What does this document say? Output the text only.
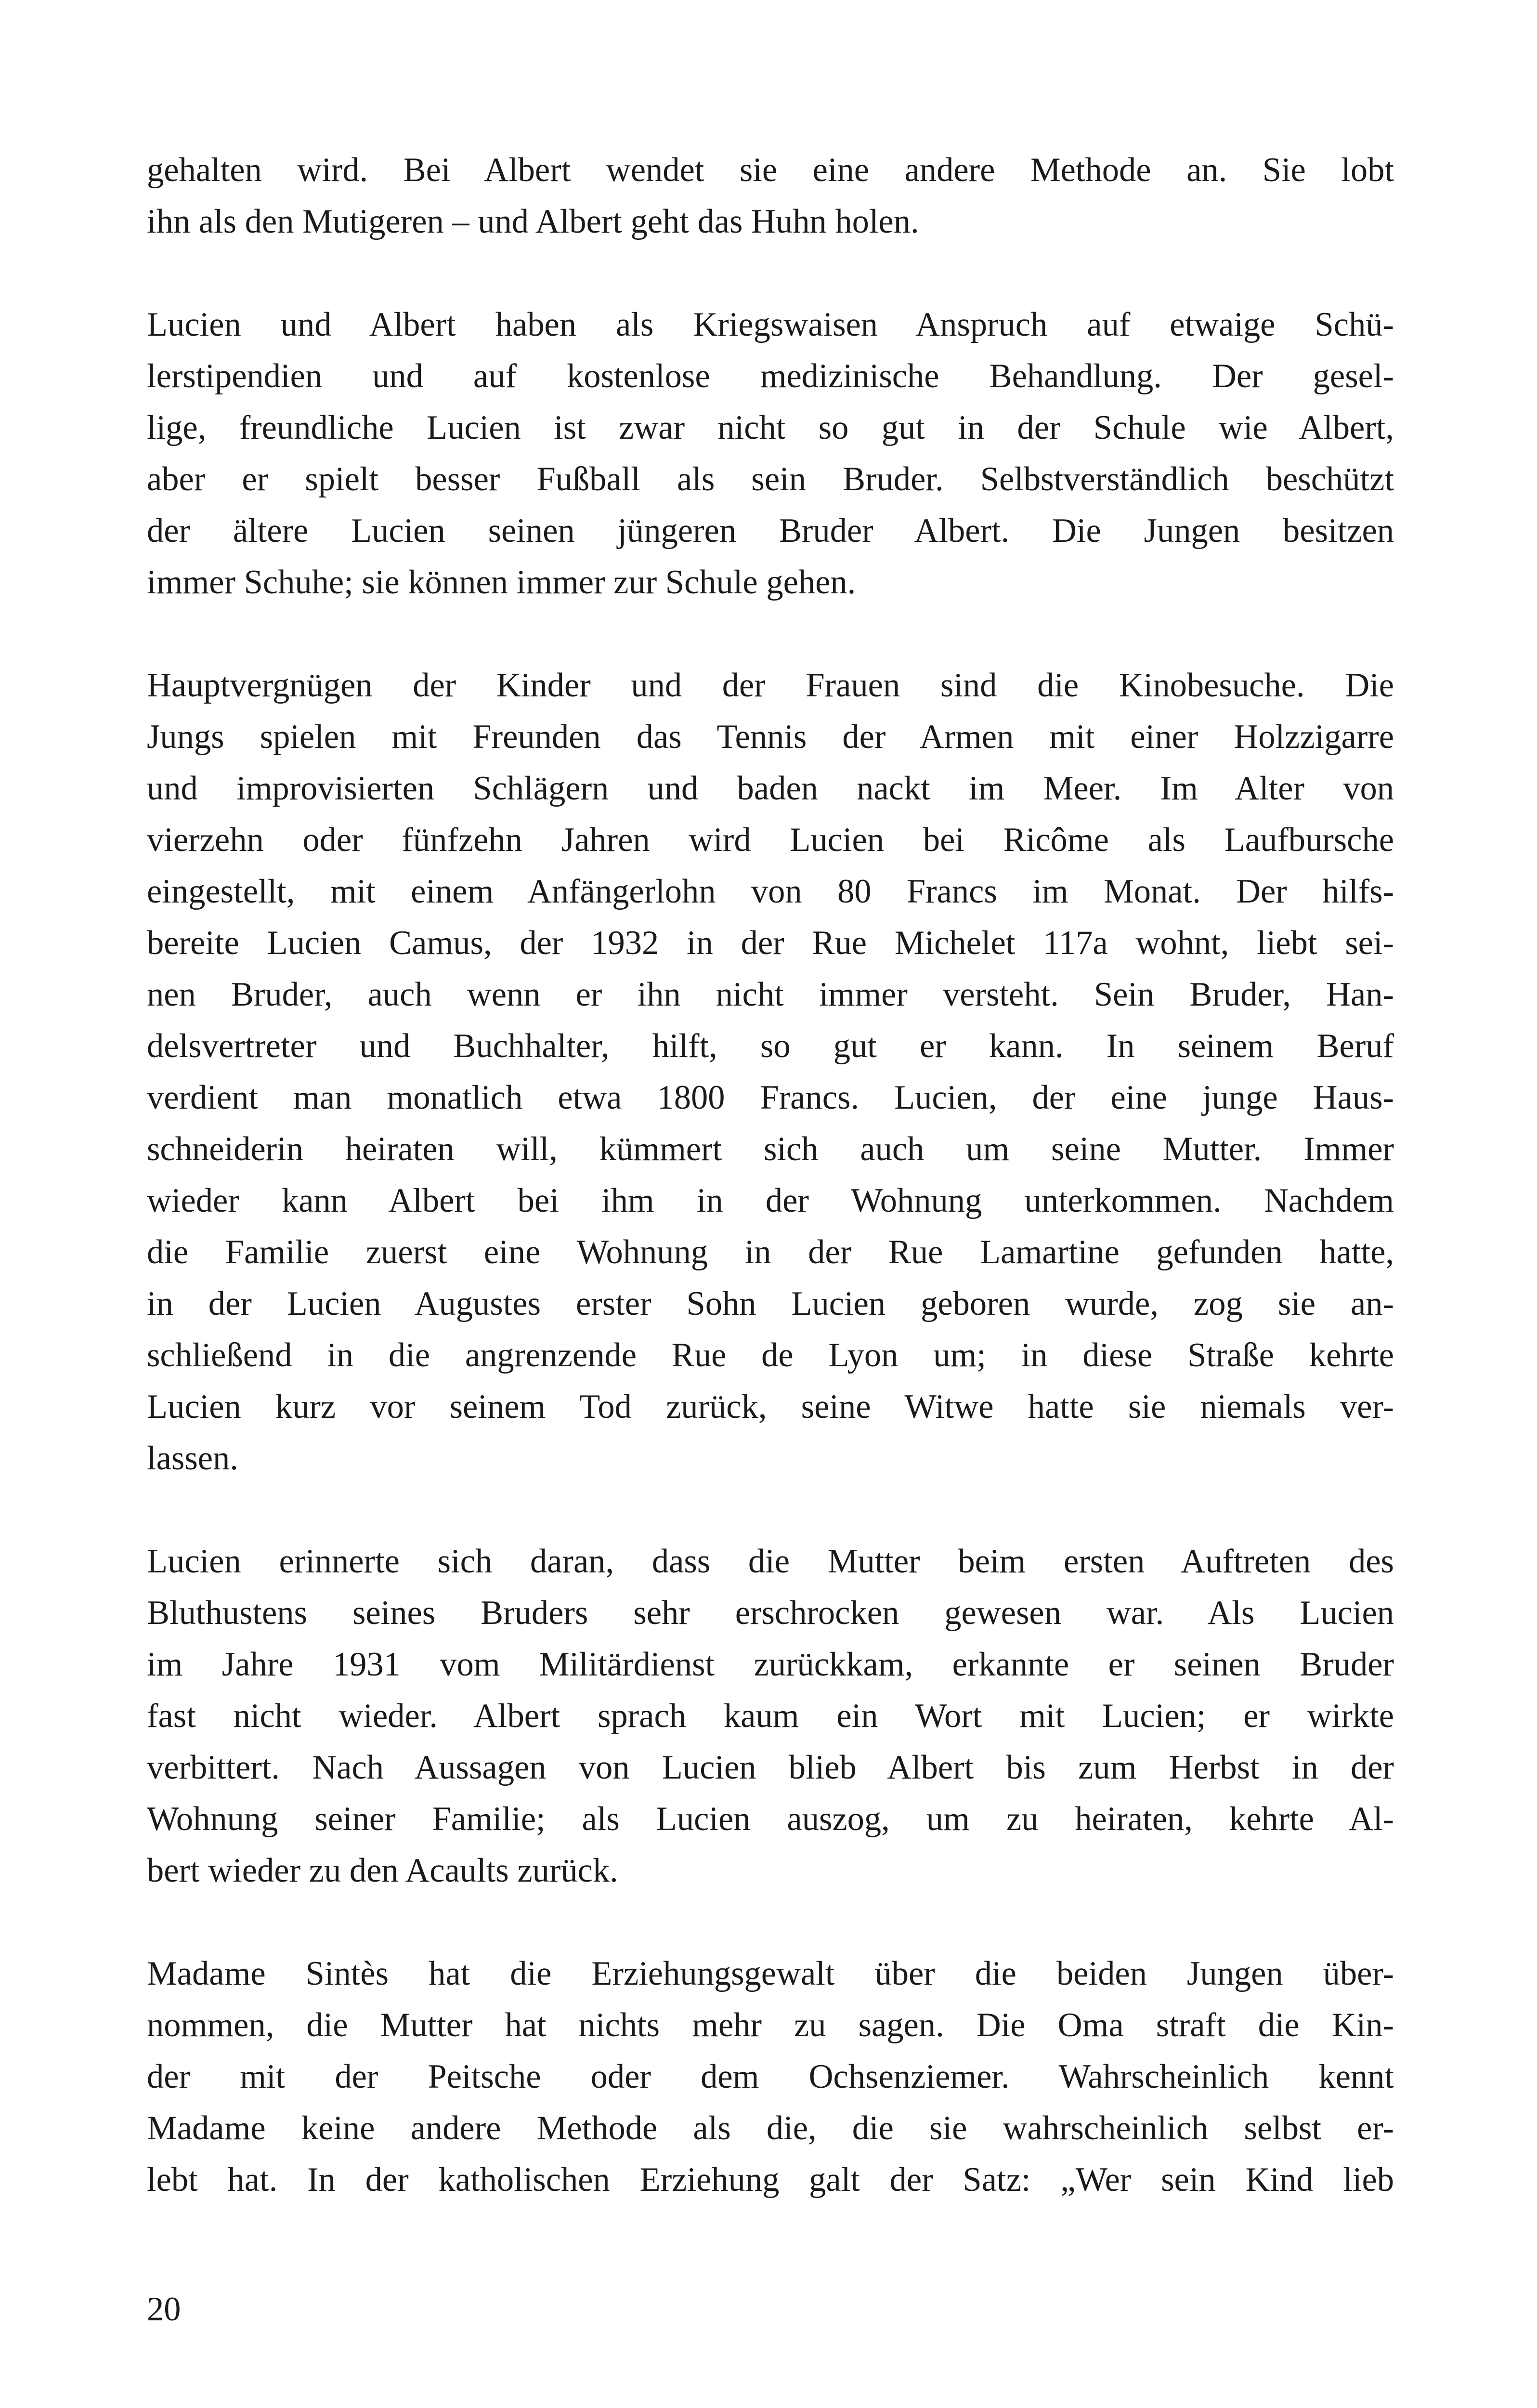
gehalten wird. Bei Albert wendet sie eine andere Methode an. Sie lobt
ihn als den Mutigeren – und Albert geht das Huhn holen.
Lucien und Albert haben als Kriegswaisen Anspruch auf etwaige Schü-
lerstipendien und auf kostenlose medizinische Behandlung. Der gesel-
lige, freundliche Lucien ist zwar nicht so gut in der Schule wie Albert,
aber er spielt besser Fußball als sein Bruder. Selbstverständlich beschützt
der ältere Lucien seinen jüngeren Bruder Albert. Die Jungen besitzen
immer Schuhe; sie können immer zur Schule gehen.
Hauptvergnügen der Kinder und der Frauen sind die Kinobesuche. Die
Jungs spielen mit Freunden das Tennis der Armen mit einer Holzzigarre
und improvisierten Schlägern und baden nackt im Meer. Im Alter von
vierzehn oder fünfzehn Jahren wird Lucien bei Ricôme als Laufbursche
eingestellt, mit einem Anfängerlohn von 80 Francs im Monat. Der hilfs-
bereite Lucien Camus, der 1932 in der Rue Michelet 117a wohnt, liebt sei-
nen Bruder, auch wenn er ihn nicht immer versteht. Sein Bruder, Han-
delsvertreter und Buchhalter, hilft, so gut er kann. In seinem Beruf
verdient man monatlich etwa 1800 Francs. Lucien, der eine junge Haus-
schneiderin heiraten will, kümmert sich auch um seine Mutter. Immer
wieder kann Albert bei ihm in der Wohnung unterkommen. Nachdem
die Familie zuerst eine Wohnung in der Rue Lamartine gefunden hatte,
in der Lucien Augustes erster Sohn Lucien geboren wurde, zog sie an-
schließend in die angrenzende Rue de Lyon um; in diese Straße kehrte
Lucien kurz vor seinem Tod zurück, seine Witwe hatte sie niemals ver-
lassen.
Lucien erinnerte sich daran, dass die Mutter beim ersten Auftreten des
Bluthustens seines Bruders sehr erschrocken gewesen war. Als Lucien
im Jahre 1931 vom Militärdienst zurückkam, erkannte er seinen Bruder
fast nicht wieder. Albert sprach kaum ein Wort mit Lucien; er wirkte
verbittert. Nach Aussagen von Lucien blieb Albert bis zum Herbst in der
Wohnung seiner Familie; als Lucien auszog, um zu heiraten, kehrte Al-
bert wieder zu den Acaults zurück.
Madame Sintès hat die Erziehungsgewalt über die beiden Jungen über-
nommen, die Mutter hat nichts mehr zu sagen. Die Oma straft die Kin-
der mit der Peitsche oder dem Ochsenziemer. Wahrscheinlich kennt
Madame keine andere Methode als die, die sie wahrscheinlich selbst er-
lebt hat. In der katholischen Erziehung galt der Satz: „Wer sein Kind lieb
20
